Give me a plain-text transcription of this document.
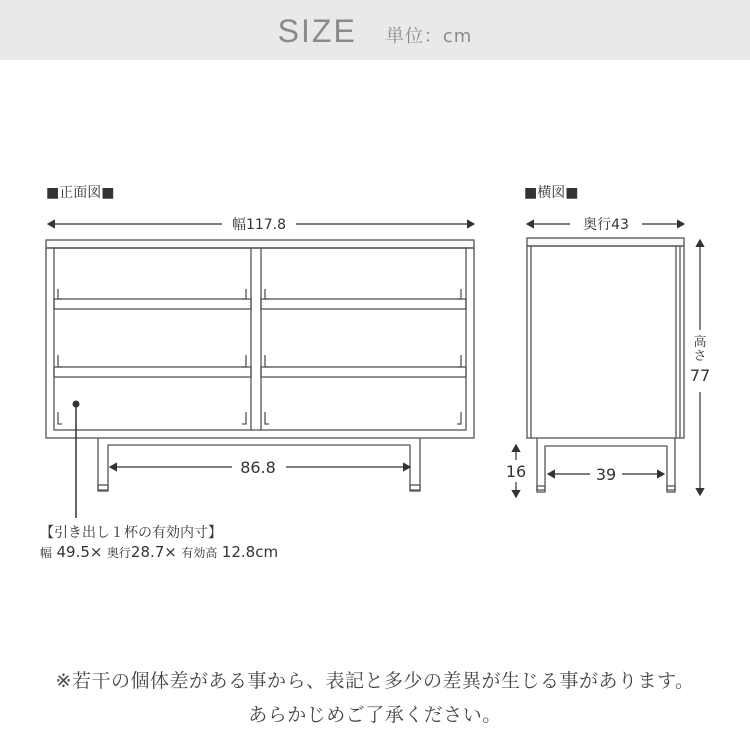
SIZE 単位：cm
■正面図■
幅117.8
86.8
■横図■
奥行43
39
高
さ
77
16
【引き出し１杯の有効内寸】
幅 49.5× 奥行28.7× 有効高 12.8cm
※若干の個体差がある事から、表記と多少の差異が生じる事があります。
あらかじめご了承ください。
